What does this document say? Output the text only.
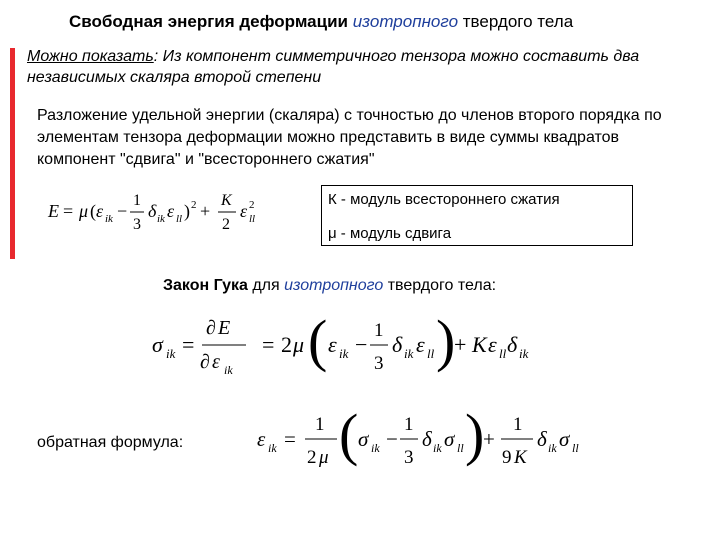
Свободная энергия деформации изотропного твердого тела
Можно показать: Из компонент симметричного тензора можно составить два независимых скаляра второй степени
Разложение удельной энергии (скаляра) с точностью до членов второго порядка по элементам тензора деформации можно представить в виде суммы квадратов компонент "сдвига" и "всестороннего сжатия"
E = μ ( ε ik −
1
3
δ ik ε ll ) 2 +
K
2
ε 2
ll
К - модуль всестороннего сжатия
μ - модуль сдвига
Закон Гука для изотропного твердого тела:
σ ik =
∂ E
∂ ε ik
= 2 μ ( ε ik −
1
3
δ ik ε ll )
+ K ε ll δ ik
обратная формула:	ε ik =
1
2 μ ( σ ik −
1
3
δ ik σ ll )
+
1
9 K
δ ik σ ll
